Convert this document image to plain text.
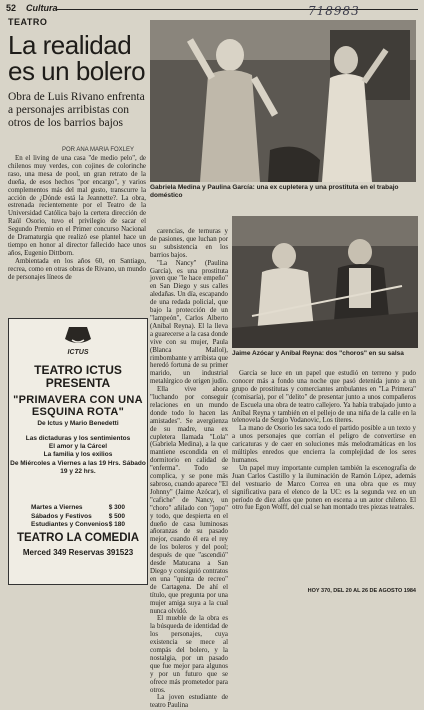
52 Cultura	718983
TEATRO
La realidad es un bolero
Obra de Luis Rivano enfrenta a personajes arribistas con otros de los barrios bajos
POR ANA MARIA FOXLEY

En el living de una casa "de medio pelo", de chilenos muy verdes, con cojines de colorinche raso, una mesa de pool, un gran retrato de la dueña, de esos hechos "por encargo", y varios complementos más del mal gusto, transcurre la acción de ¿Dónde está la Jeannette?. La obra, estrenada recientemente por el Teatro de la Universidad Católica bajo la certera dirección de Raúl Osorio, tuvo el privilegio de sacar el Segundo Premio en el Primer concurso Nacional de Dramaturgia que realizó ese plantel hace un tiempo en honor al director fallecido hace unos años, Eugenio Dittborn.

Ambientada en los años 60, en Santiago, recrea, como en otras obras de Rivano, un mundo de personajes líneos de

Gabriela Medina y Paulina García: una ex cupletera y una prostituta en el trabajo doméstico

carencias, de ternuras y de pasiones, que luchan por su subsistencia en los barrios bajos.

"La Nancy" (Paulina García), es una prostituta joven que "le hace empeño" en San Diego y sus calles aledañas. Un día, escapando de una redada policial, que bajo la protección de un "lampeón", Carlos Alberto (Aníbal Reyna). El la lleva a guarecerse a la casa donde vive con su mujer, Paula (Blanca Mallol), rimbombante y arribista que heredó fortuna de su primer marido, un industrial metalúrgico de origen judío.

Ella vive ahora "luchando por conseguir relaciones en un mundo donde todo lo hacen las amistades". Se avergüenza de su madre, una ex cupletera llamada "Lola" (Gabriela Medina), a la que mantiene escondida en el dormitorio en calidad de "enferma". Todo se complica, y se pone más sabroso, cuando aparece "El Johnny" (Jaime Azócar), el "cafiche" de Nancy, un "choro" añilado con "jopo" y todo, que despierta en el dueño de casa luminosas añoranzas de su pasado mejor, cuando él era el rey de los boleros y del pool; después de que "ascendió" desde Matucana a San Diego y consiguió contratos en una "quinta de recreo" de Cartagena. De ahí el título, que pregunta por una mujer amiga suya a la cual nunca olvidó.

El mueble de la obra es la búsqueda de identidad de los personajes, cuya existencia se mece al compás del bolero, y la nostalgia, por un pasado que fue mejor para algunos y por un futuro que se ofrece más prometedor para otros.

La joven estudiante de teatro Paulina

Jaime Azócar y Aníbal Reyna: dos "choros" en su salsa

García se luce en un papel que estudió en terreno y pudo conocer más a fondo una noche que pasó detenida junto a un grupo de prostitutas y comerciantes ambulantes en "La Primera" (comisaría), por el "delito" de presentar junto a unos compañeros de Escuela una obra de teatro callejero. Ya había trabajado junto a Aníbal Reyna y también en el pellejo de una niña de la calle en la telenovela de Sergio Vodanovic, Los títeres.

La mano de Osorio les saca todo el partido posible a un texto y a unos personajes que corrían el peligro de convertirse en caricaturas y de caer en soluciones más melodramáticas en los múltiples enredos que encierra la complejidad de los seres humanos.

Un papel muy importante cumplen también la escenografía de Juan Carlos Castillo y la iluminación de Ramón López, además del vestuario de Marco Correa en una obra que es muy significativa para el elenco de la UC: es la segunda vez en un período de diez años que ponen en escena a un autor chileno. El otro fue Egon Wolff, del cual se han montado tres piezas teatrales.

ICTUS
TEATRO ICTUS
PRESENTA
"PRIMAVERA CON UNA ESQUINA ROTA"
De Ictus y Mario Benedetti
Las dictaduras y los sentimientos
El amor y la Cárcel
La familia y los exilios
De Miércoles a Viernes a las 19 Hrs. Sábado 19 y 22 hrs.
Martes a Viernes	$ 300
Sábados y Festivos	$ 500
Estudiantes y Convenios $ 180
TEATRO LA COMEDIA
Merced 349 Reservas 391523
HOY 370, DEL 20 AL 26 DE AGOSTO 1984
